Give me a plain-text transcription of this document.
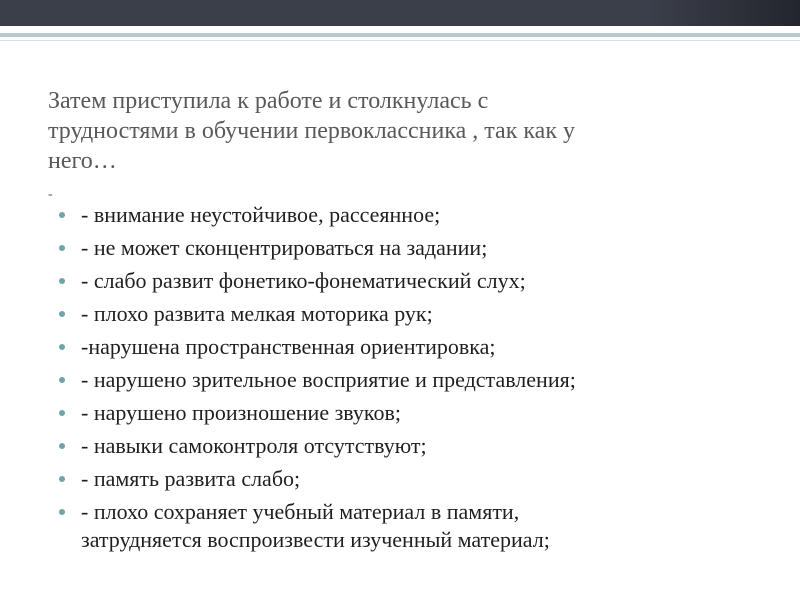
Затем приступила к работе и столкнулась с
трудностями в обучении первоклассника , так как у
него…

-
- внимание неустойчивое, рассеянное;
- не может сконцентрироваться на задании;
- слабо развит фонетико-фонематический слух;
- плохо развита мелкая моторика рук;
-нарушена пространственная ориентировка;
- нарушено зрительное восприятие и представления;
- нарушено произношение звуков;
- навыки самоконтроля отсутствуют;
- память развита слабо;
- плохо сохраняет учебный материал в памяти,
затрудняется воспроизвести изученный материал;
